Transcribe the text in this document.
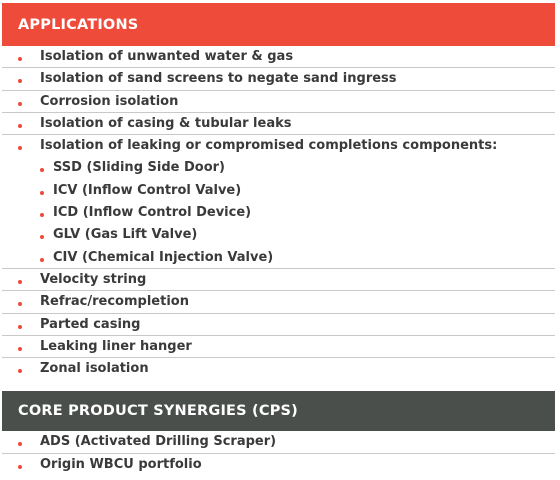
APPLICATIONS
Isolation of unwanted water & gas
Isolation of sand screens to negate sand ingress
Corrosion isolation
Isolation of casing & tubular leaks
Isolation of leaking or compromised completions components:
SSD (Sliding Side Door)
ICV (Inflow Control Valve)
ICD (Inflow Control Device)
GLV (Gas Lift Valve)
CIV (Chemical Injection Valve)
Velocity string
Refrac/recompletion
Parted casing
Leaking liner hanger
Zonal isolation
CORE PRODUCT SYNERGIES (CPS)
ADS (Activated Drilling Scraper)
Origin WBCU portfolio
